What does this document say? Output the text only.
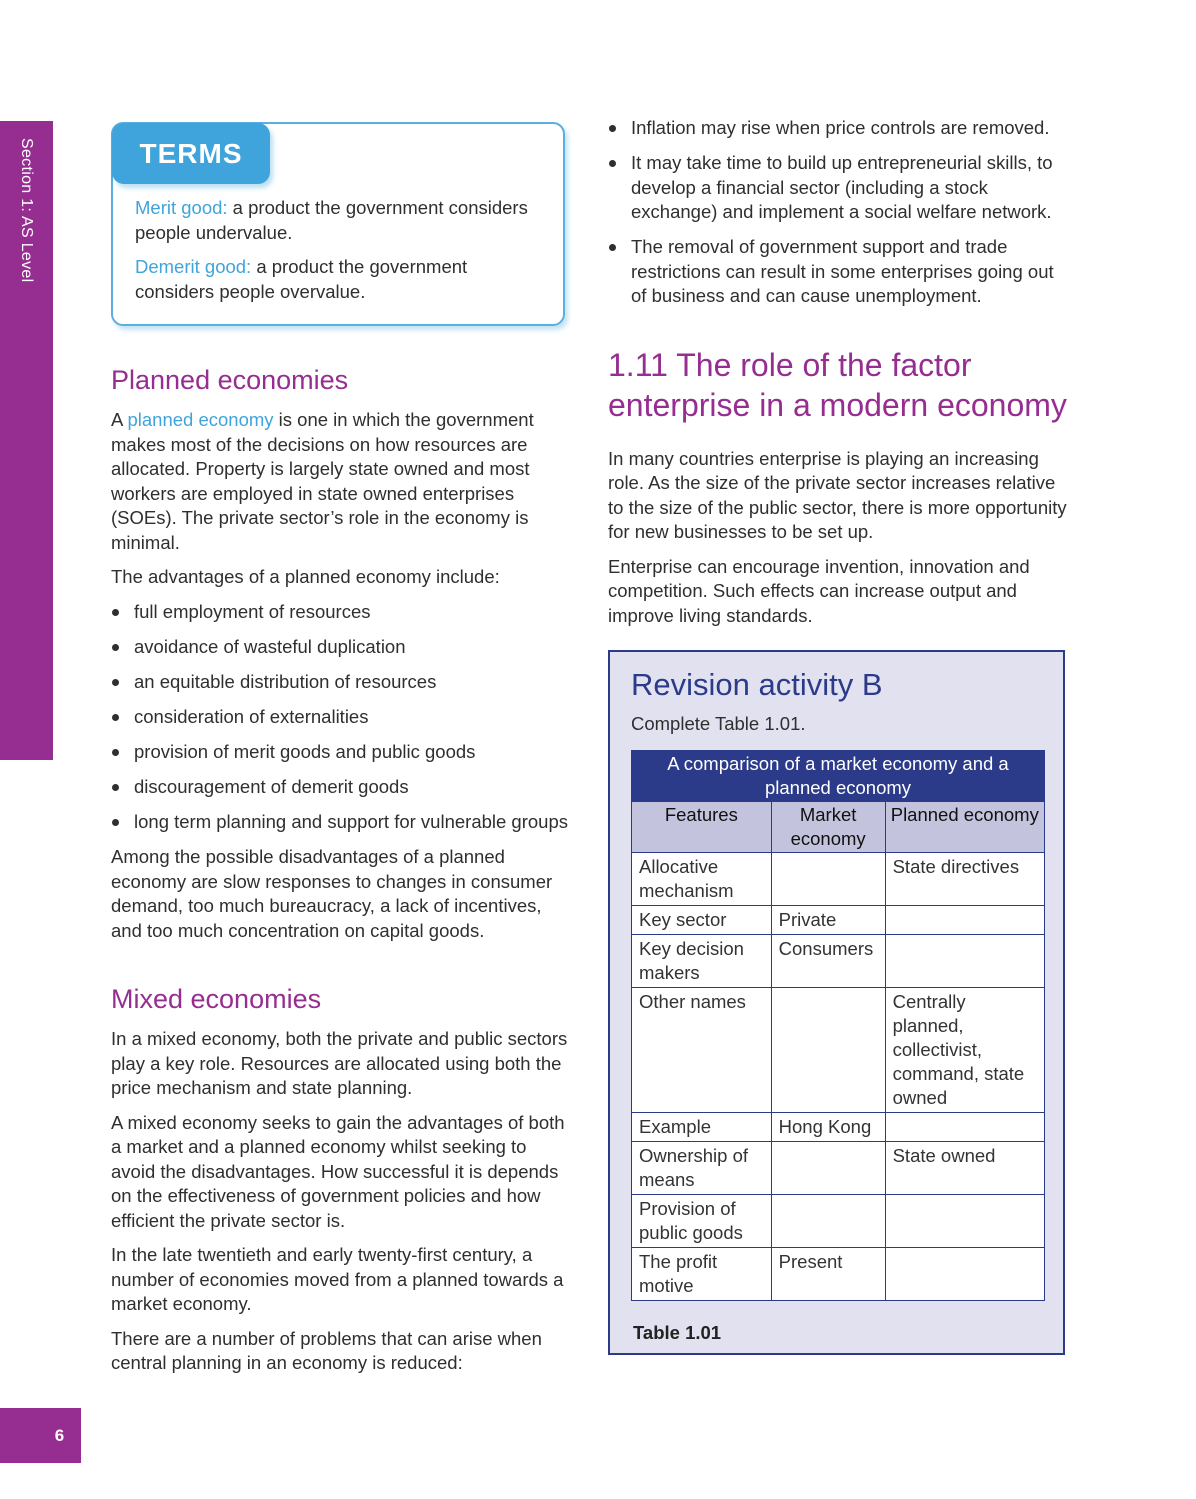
Section 1: AS Level
6
TERMS

Merit good: a product the government considers people undervalue.

Demerit good: a product the government considers people overvalue.

Planned economies

A planned economy is one in which the government makes most of the decisions on how resources are allocated. Property is largely state owned and most workers are employed in state owned enterprises (SOEs). The private sector’s role in the economy is minimal.

The advantages of a planned economy include:

full employment of resources
avoidance of wasteful duplication
an equitable distribution of resources
consideration of externalities
provision of merit goods and public goods
discouragement of demerit goods
long term planning and support for vulnerable groups

Among the possible disadvantages of a planned economy are slow responses to changes in consumer demand, too much bureaucracy, a lack of incentives, and too much concentration on capital goods.

Mixed economies

In a mixed economy, both the private and public sectors play a key role. Resources are allocated using both the price mechanism and state planning.

A mixed economy seeks to gain the advantages of both a market and a planned economy whilst seeking to avoid the disadvantages. How successful it is depends on the effectiveness of government policies and how efficient the private sector is.

In the late twentieth and early twenty-first century, a number of economies moved from a planned towards a market economy.

There are a number of problems that can arise when central planning in an economy is reduced:

Inflation may rise when price controls are removed.
It may take time to build up entrepreneurial skills, to develop a financial sector (including a stock exchange) and implement a social welfare network.
The removal of government support and trade restrictions can result in some enterprises going out of business and can cause unemployment.
1.11 The role of the factor enterprise in a modern economy

In many countries enterprise is playing an increasing role. As the size of the private sector increases relative to the size of the public sector, there is more opportunity for new businesses to be set up.

Enterprise can encourage invention, innovation and competition. Such effects can increase output and improve living standards.

Revision activity B

Complete Table 1.01.

A comparison of a market economy and a planned economy		
Features	Market economy	Planned economy
Allocative mechanism		State directives
Key sector	Private	
Key decision makers	Consumers	
Other names		Centrally planned, collectivist, command, state owned
Example	Hong Kong	
Ownership of means		State owned
Provision of public goods		
The profit motive	Present	
Table 1.01
